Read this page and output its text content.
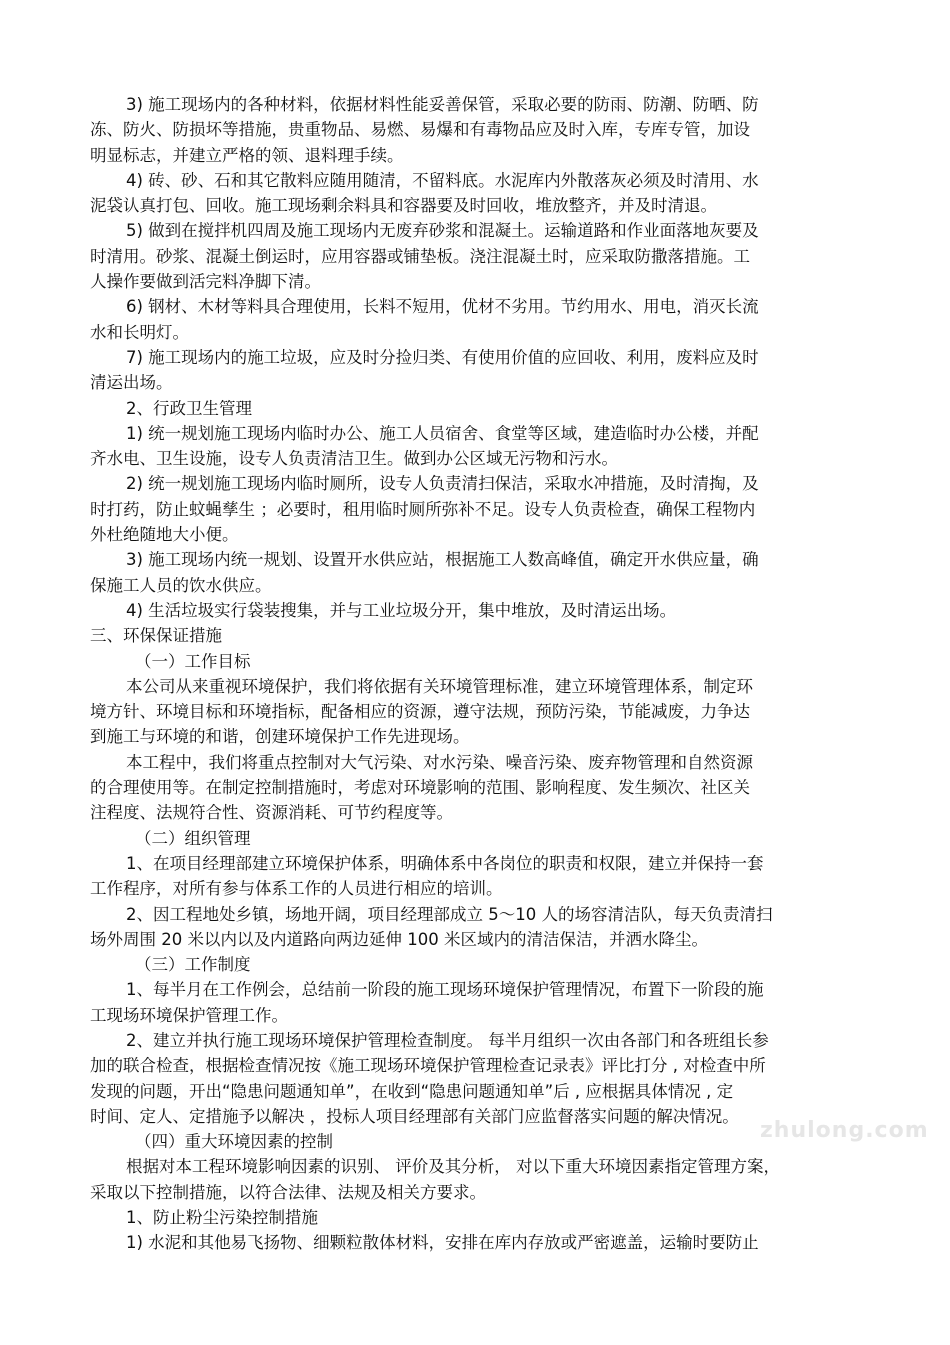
3) 施工现场内的各种材料，依据材料性能妥善保管，采取必要的防雨、防潮、防晒、防
冻、防火、防损坏等措施，贵重物品、易燃、易爆和有毒物品应及时入库，专库专管，加设
明显标志，并建立严格的领、退料理手续。
4) 砖、砂、石和其它散料应随用随清，不留料底。水泥库内外散落灰必须及时清用、水
泥袋认真打包、回收。施工现场剩余料具和容器要及时回收，堆放整齐，并及时清退。
5) 做到在搅拌机四周及施工现场内无废弃砂浆和混凝土。运输道路和作业面落地灰要及
时清用。砂浆、混凝土倒运时，应用容器或铺垫板。浇注混凝土时，应采取防撒落措施。工
人操作要做到活完料净脚下清。
6) 钢材、木材等料具合理使用，长料不短用，优材不劣用。节约用水、用电，消灭长流
水和长明灯。
7) 施工现场内的施工垃圾，应及时分捡归类、有使用价值的应回收、利用，废料应及时
清运出场。
2、行政卫生管理
1) 统一规划施工现场内临时办公、施工人员宿舍、食堂等区域，建造临时办公楼，并配
齐水电、卫生设施，设专人负责清洁卫生。做到办公区域无污物和污水。
2) 统一规划施工现场内临时厕所，设专人负责清扫保洁，采取水冲措施，及时清掏，及
时打药，防止蚊蝇孳生 ；必要时，租用临时厕所弥补不足。设专人负责检查，确保工程物内
外杜绝随地大小便。
3) 施工现场内统一规划、设置开水供应站，根据施工人数高峰值，确定开水供应量，确
保施工人员的饮水供应。
4) 生活垃圾实行袋装搜集，并与工业垃圾分开，集中堆放，及时清运出场。
三、环保保证措施
（一）工作目标
本公司从来重视环境保护，我们将依据有关环境管理标准，建立环境管理体系，制定环
境方针、环境目标和环境指标，配备相应的资源，遵守法规，预防污染，节能减废，力争达
到施工与环境的和谐，创建环境保护工作先进现场。
本工程中，我们将重点控制对大气污染、对水污染、噪音污染、废弃物管理和自然资源
的合理使用等。在制定控制措施时，考虑对环境影响的范围、影响程度、发生频次、社区关
注程度、法规符合性、资源消耗、可节约程度等。
（二）组织管理
1、在项目经理部建立环境保护体系，明确体系中各岗位的职责和权限，建立并保持一套
工作程序，对所有参与体系工作的人员进行相应的培训。
2、因工程地处乡镇，场地开阔，项目经理部成立 5～10 人的场容清洁队，每天负责清扫
场外周围 20 米以内以及内道路向两边延伸 100 米区域内的清洁保洁，并洒水降尘。
（三）工作制度
1、每半月在工作例会，总结前一阶段的施工现场环境保护管理情况，布置下一阶段的施
工现场环境保护管理工作。
2、建立并执行施工现场环境保护管理检查制度。 每半月组织一次由各部门和各班组长参
加的联合检查，根据检查情况按《施工现场环境保护管理检查记录表》评比打分 , 对检查中所
发现的问题，开出“隐患问题通知单”，在收到“隐患问题通知单”后 , 应根据具体情况 , 定
时间、定人、定措施予以解决 ，投标人项目经理部有关部门应监督落实问题的解决情况。
（四）重大环境因素的控制
根据对本工程环境影响因素的识别、 评价及其分析， 对以下重大环境因素指定管理方案，
采取以下控制措施，以符合法律、法规及相关方要求。
1、防止粉尘污染控制措施
1) 水泥和其他易飞扬物、细颗粒散体材料，安排在库内存放或严密遮盖，运输时要防止
zhulong.com
